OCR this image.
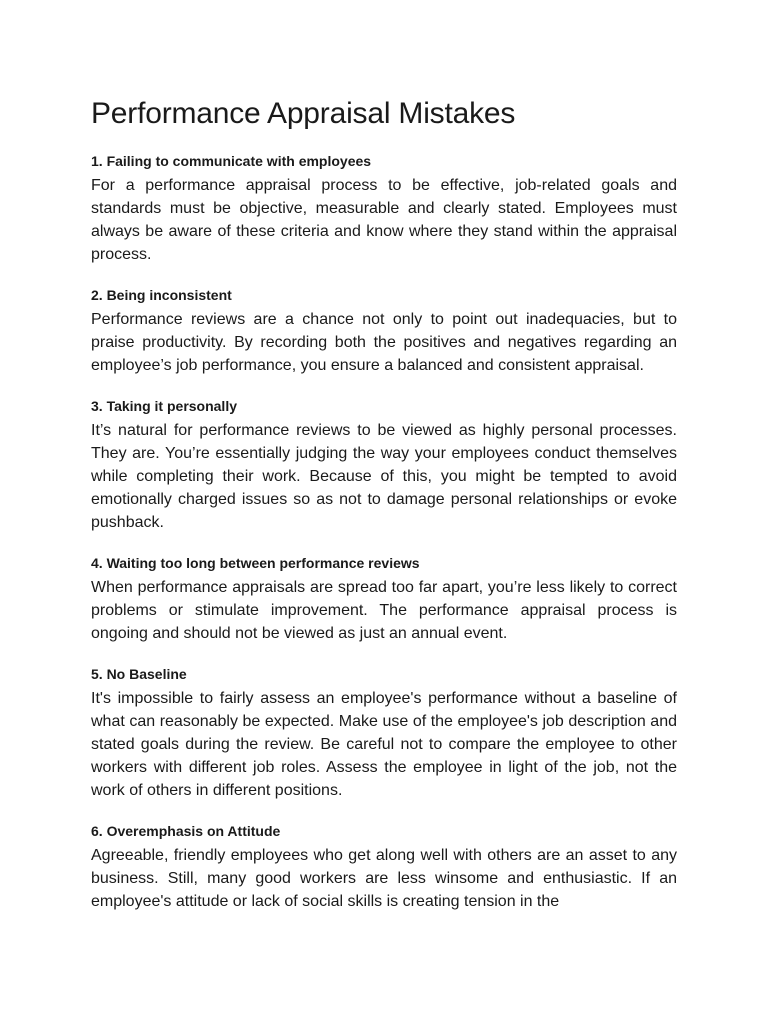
Performance Appraisal Mistakes
1. Failing to communicate with employees

For a performance appraisal process to be effective, job-related goals and standards must be objective, measurable and clearly stated. Employees must always be aware of these criteria and know where they stand within the appraisal process.

2. Being inconsistent

Performance reviews are a chance not only to point out inadequacies, but to praise productivity. By recording both the positives and negatives regarding an employee’s job performance, you ensure a balanced and consistent appraisal.

3. Taking it personally

It’s natural for performance reviews to be viewed as highly personal processes. They are. You’re essentially judging the way your employees conduct themselves while completing their work. Because of this, you might be tempted to avoid emotionally charged issues so as not to damage personal relationships or evoke pushback.

4. Waiting too long between performance reviews

When performance appraisals are spread too far apart, you’re less likely to correct problems or stimulate improvement. The performance appraisal process is ongoing and should not be viewed as just an annual event.

5. No Baseline

It's impossible to fairly assess an employee's performance without a baseline of what can reasonably be expected. Make use of the employee's job description and stated goals during the review. Be careful not to compare the employee to other workers with different job roles. Assess the employee in light of the job, not the work of others in different positions.

6. Overemphasis on Attitude

Agreeable, friendly employees who get along well with others are an asset to any business. Still, many good workers are less winsome and enthusiastic. If an employee's attitude or lack of social skills is creating tension in the
